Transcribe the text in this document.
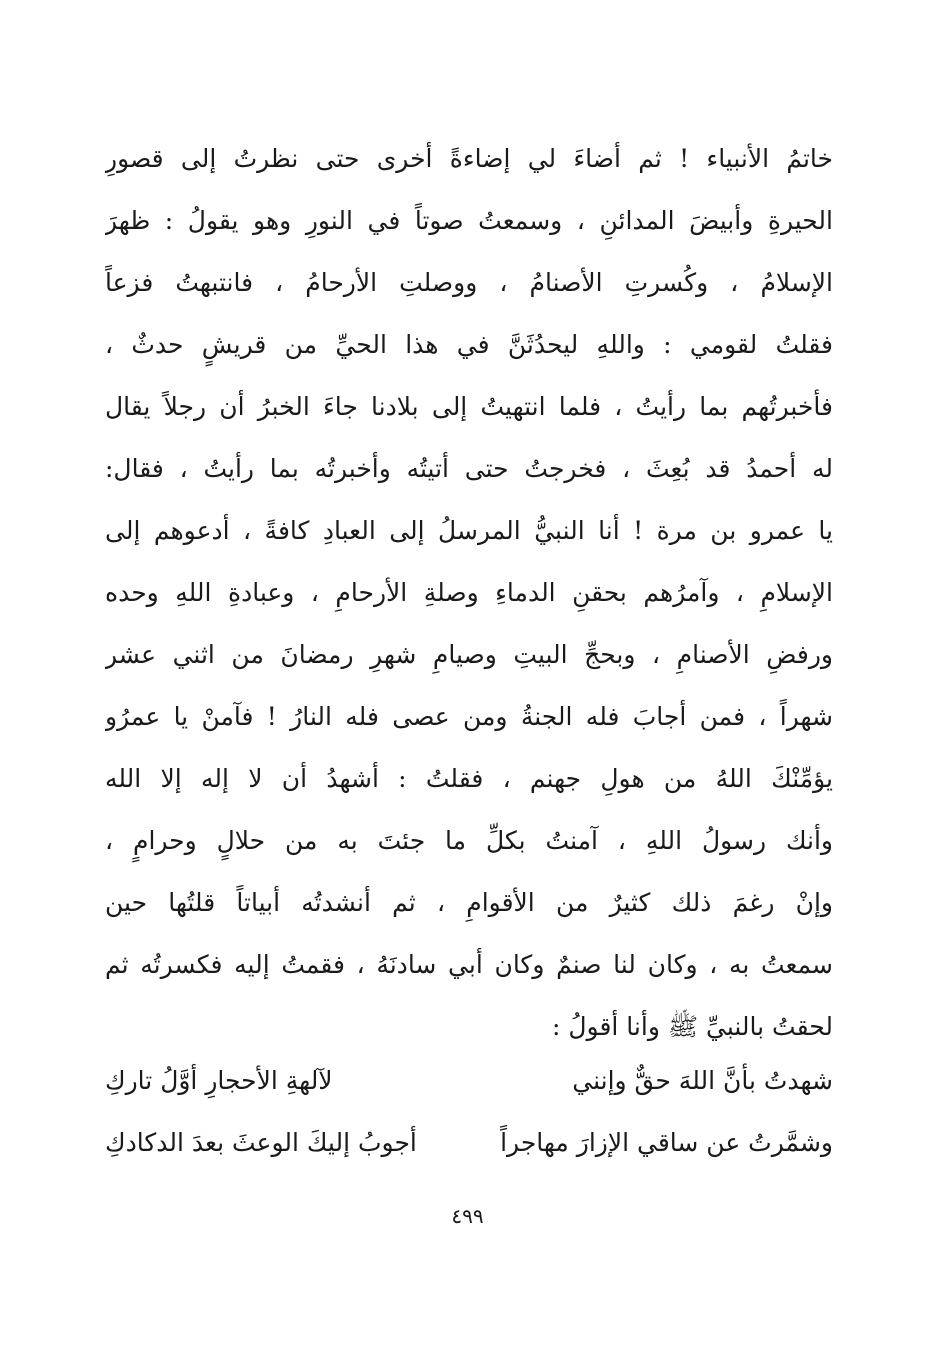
خاتمُ الأنبياء ! ثم أضاءَ لي إضاءةً أخرى حتى نظرتُ إلى قصورِ
الحيرةِ وأبيضَ المدائنِ ، وسمعتُ صوتاً في النورِ وهو يقولُ : ظهرَ
الإسلامُ ، وكُسرتِ الأصنامُ ، ووصلتِ الأرحامُ ، فانتبهتُ فزعاً
فقلتُ لقومي : واللهِ ليحدُثَنَّ في هذا الحيِّ من قريشٍ حدثٌ ،
فأخبرتُهم بما رأيتُ ، فلما انتهيتُ إلى بلادنا جاءَ الخبرُ أن رجلاً يقال
له أحمدُ قد بُعِثَ ، فخرجتُ حتى أتيتُه وأخبرتُه بما رأيتُ ، فقال:
يا عمرو بن مرة ! أنا النبيُّ المرسلُ إلى العبادِ كافةً ، أدعوهم إلى
الإسلامِ ، وآمرُهم بحقنِ الدماءِ وصلةِ الأرحامِ ، وعبادةِ اللهِ وحده
ورفضِ الأصنامِ ، وبحجِّ البيتِ وصيامِ شهرِ رمضانَ من اثني عشر
شهراً ، فمن أجابَ فله الجنةُ ومن عصى فله النارُ ! فآمنْ يا عمرُو
يؤمِّنْكَ اللهُ من هولِ جهنم ، فقلتُ : أشهدُ أن لا إله إلا الله
وأنك رسولُ اللهِ ، آمنتُ بكلِّ ما جئتَ به من حلالٍ وحرامٍ ،
وإنْ رغمَ ذلك كثيرٌ من الأقوامِ ، ثم أنشدتُه أبياتاً قلتُها حين
سمعتُ به ، وكان لنا صنمٌ وكان أبي سادنَهُ ، فقمتُ إليه فكسرتُه ثم
لحقتُ بالنبيِّ ﷺ وأنا أقولُ :
شهدتُ بأنَّ اللهَ حقٌّ وإنني
لآلهةِ الأحجارِ أوَّلُ تاركِ
وشمَّرتُ عن ساقي الإزارَ مهاجراً
أجوبُ إليكَ الوعثَ بعدَ الدكادكِ
٤٩٩
